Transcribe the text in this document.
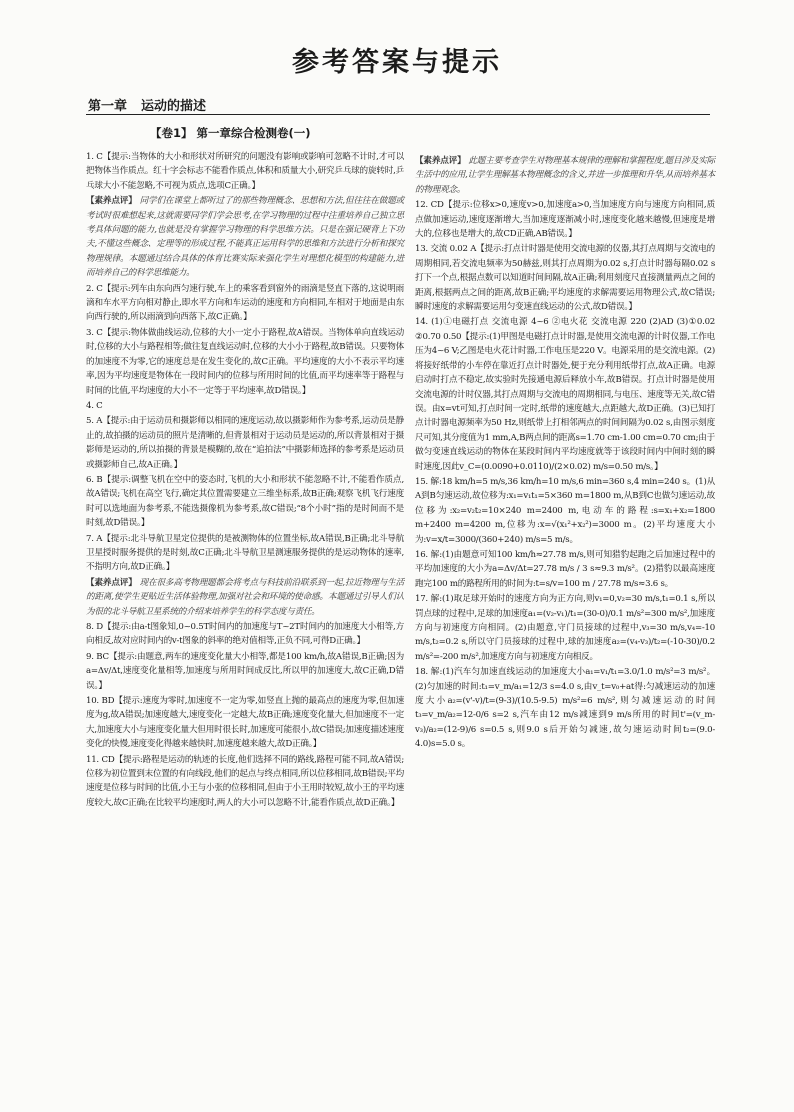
参考答案与提示
第一章 运动的描述
【卷1】 第一章综合检测卷(一)
1. C【提示:当物体的大小和形状对所研究的问题没有影响或影响可忽略不计时,才可以把物体当作质点。红十字会标志不能看作质点,体积和质量大小,研究乒乓球的旋转时,乒乓球大小不能忽略,不可视为质点,选项C正确。】
【素养点评】 同学们在课堂上都听过了的那些物理概念、思想和方法,但往往在做题或考试时很难想起来,这就需要同学们学会思考,在学习物理的过程中注重培养自己独立思考具体问题的能力,也就是没有掌握学习物理的科学思维方法。只是在强记硬背上下功夫,不懂这些概念、定理等的形成过程,不能真正运用科学的思维和方法进行分析和探究物理规律。本题通过结合具体的体育比赛实际来强化学生对理想化模型的构建能力,进而培养自己的科学思维能力。
2. C【提示:列车由东向西匀速行驶,车上的乘客看到窗外的雨滴是竖直下落的,这说明雨滴和车水平方向相对静止,即水平方向和车运动的速度和方向相同,车相对于地面是由东向西行驶的,所以雨滴到向西落下,故C正确。】
3. C【提示:物体做曲线运动,位移的大小一定小于路程,故A错误。当物体单向直线运动时,位移的大小与路程相等;做往复直线运动时,位移的大小小于路程,故B错误。只要物体的加速度不为零,它的速度总是在发生变化的,故C正确。平均速度的大小不表示平均速率,因为平均速度是物体在一段时间内的位移与所用时间的比值,而平均速率等于路程与时间的比值,平均速度的大小不一定等于平均速率,故D错误。】
4. C
5. A【提示:由于运动员和摄影师以相同的速度运动,故以摄影师作为参考系,运动员是静止的,故拍摄的运动员的照片是清晰的,但背景相对于运动员是运动的,所以背景相对于摄影师是运动的,所以拍摄的背景是模糊的,故在“追拍法”中摄影师选择的参考系是运动员或摄影师自己,故A正确。】
6. B【提示:调整飞机在空中的姿态时,飞机的大小和形状不能忽略不计,不能看作质点,故A错误;飞机在高空飞行,确定其位置需要建立三维坐标系,故B正确;观察飞机飞行速度时可以选地面为参考系,不能选摄像机为参考系,故C错误;“8个小时”指的是时间而不是时刻,故D错误。】
7. A【提示:北斗导航卫星定位提供的是被测物体的位置坐标,故A错误,B正确;北斗导航卫星授时服务提供的是时刻,故C正确;北斗导航卫星测速服务提供的是运动物体的速率,不指明方向,故D正确。】
【素养点评】 现在很多高考物理题都会将考点与科技前沿联系到一起,拉近物理与生活的距离,使学生更贴近生活体验物理,加强对社会和环境的使命感。本题通过引导人们认为很的北斗导航卫星系统的介绍来培养学生的科学态度与责任。
8. D【提示:由a-t图象知,0~0.5T时间内的加速度与T~2T时间内的加速度大小相等,方向相反,故对应时间内的v-t图象的斜率的绝对值相等,正负不同,可得D正确。】
9. BC【提示:由题意,两车的速度变化量大小相等,都是100 km/h,故A错误,B正确;因为a=Δv/Δt,速度变化量相等,加速度与所用时间成反比,所以甲的加速度大,故C正确,D错误。】
10. BD【提示:速度为零时,加速度不一定为零,如竖直上抛的最高点的速度为零,但加速度为g,故A错误;加速度越大,速度变化一定越大,故B正确;速度变化量大,但加速度不一定大,加速度大小与速度变化量大但用时很长时,加速度可能很小,故C错误;加速度描述速度变化的快慢,速度变化得越来越快时,加速度越来越大,故D正确。】
11. CD【提示:路程是运动的轨迹的长度,他们选择不同的路线,路程可能不同,故A错误;位移为初位置到末位置的有向线段,他们的起点与终点相同,所以位移相同,故B错误;平均速度是位移与时间的比值,小王与小张的位移相同,但由于小王用时较短,故小王的平均速度较大,故C正确;在比较平均速度时,两人的大小可以忽略不计,能看作质点,故D正确。】
【素养点评】 此题主要考查学生对物理基本规律的理解和掌握程度,题目涉及实际生活中的应用,让学生理解基本物理概念的含义,并进一步推理和升华,从而培养基本的物理观念。
12. CD【提示:位移x>0,速度v>0,加速度a>0,当加速度方向与速度方向相同,质点做加速运动,速度逐渐增大,当加速度逐渐减小时,速度变化越来越慢,但速度是增大的,位移也是增大的,故CD正确,AB错误。】
13. 交流 0.02 A【提示:打点计时器是使用交流电源的仪器,其打点周期与交流电的周期相同,若交流电频率为50赫兹,则其打点周期为0.02 s,打点计时器每隔0.02 s打下一个点,根据点数可以知道时间间隔,故A正确;利用刻度尺直接测量两点之间的距离,根据两点之间的距离,故B正确;平均速度的求解需要运用物理公式,故C错误;瞬时速度的求解需要运用匀变速直线运动的公式,故D错误。】
14. (1)①电磁打点 交流电源 4~6 ②电火花 交流电源 220 (2)AD (3)①0.02 ②0.70 0.50【提示:(1)甲图是电磁打点计时器,是使用交流电源的计时仪器,工作电压为4~6 V;乙图是电火花计时器,工作电压是220 V。电源采用的是交流电源。(2)将接好纸带的小车停在靠近打点计时器处,便于充分利用纸带打点,故A正确。电源启动时打点不稳定,故实验时先接通电源后释放小车,故B错误。打点计时器是使用交流电源的计时仪器,其打点周期与交流电的周期相同,与电压、速度等无关,故C错误。由x=vt可知,打点时间一定时,纸带的速度越大,点距越大,故D正确。(3)已知打点计时器电源频率为50 Hz,则纸带上打相邻两点的时间间隔为0.02 s,由图示刻度尺可知,其分度值为1 mm,A,B两点间的距离s=1.70 cm-1.00 cm=0.70 cm;由于做匀变速直线运动的物体在某段时间内平均速度就等于该段时间内中间时刻的瞬时速度,因此v_C=(0.0090+0.0110)/(2×0.02) m/s=0.50 m/s。】
15. 解:18 km/h=5 m/s,36 km/h=10 m/s,6 min=360 s,4 min=240 s。(1)从A到B匀速运动,故位移为:x₁=v₁t₁=5×360 m=1800 m,从B到C也做匀速运动,故位移为:x₂=v₂t₂=10×240 m=2400 m,电动车的路程:s=x₁+x₂=1800 m+2400 m=4200 m,位移为:x=√(x₁²+x₂²)=3000 m。(2)平均速度大小为:v=x/t=3000/(360+240) m/s=5 m/s。
16. 解:(1)由题意可知100 km/h≈27.78 m/s,则可知猎豹起跑之后加速过程中的平均加速度的大小为a=Δv/Δt=27.78 m/s / 3 s≈9.3 m/s²。(2)猎豹以最高速度跑完100 m的路程所用的时间为:t=s/v=100 m / 27.78 m/s≈3.6 s。
17. 解:(1)取足球开始时的速度方向为正方向,则v₁=0,v₂=30 m/s,t₁=0.1 s,所以罚点球的过程中,足球的加速度a₁=(v₂-v₁)/t₁=(30-0)/0.1 m/s²=300 m/s²,加速度方向与初速度方向相同。(2)由题意,守门员接球的过程中,v₃=30 m/s,v₄=-10 m/s,t₂=0.2 s,所以守门员接球的过程中,球的加速度a₂=(v₄-v₃)/t₂=(-10-30)/0.2 m/s²=-200 m/s²,加速度方向与初速度方向相反。
18. 解:(1)汽车匀加速直线运动的加速度大小a₁=v₁/t₁=3.0/1.0 m/s²=3 m/s²。(2)匀加速的时间:t₁=v_m/a₁=12/3 s=4.0 s,由v_t=v₀+at得:匀减速运动的加速度大小a₂=(v'-v)/t=(9-3)/(10.5-9.5) m/s²=6 m/s²,则匀减速运动的时间t₃=v_m/a₂=12-0/6 s=2 s,汽车由12 m/s减速到9 m/s所用的时间t'=(v_m-v₃)/a₂=(12-9)/6 s=0.5 s,则9.0 s后开始匀减速,故匀速运动时间t₂=(9.0-4.0)s=5.0 s。
